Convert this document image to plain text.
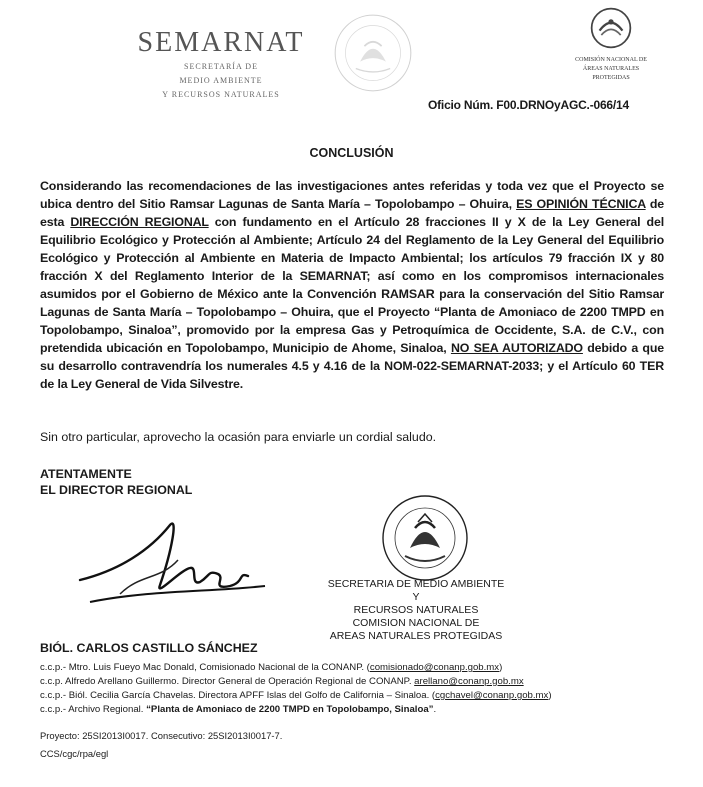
SEMARNAT
SECRETARÍA DE
MEDIO AMBIENTE
Y RECURSOS NATURALES
COMISIÓN NACIONAL DE
ÁREAS NATURALES
PROTEGIDAS
Oficio Núm. F00.DRNOyAGC.-066/14
CONCLUSIÓN
Considerando las recomendaciones de las investigaciones antes referidas y toda vez que el Proyecto se ubica dentro del Sitio Ramsar Lagunas de Santa María – Topolobampo – Ohuira, ES OPINIÓN TÉCNICA de esta DIRECCIÓN REGIONAL con fundamento en el Artículo 28 fracciones II y X de la Ley General del Equilibrio Ecológico y Protección al Ambiente; Artículo 24 del Reglamento de la Ley General del Equilibrio Ecológico y Protección al Ambiente en Materia de Impacto Ambiental; los artículos 79 fracción IX y 80 fracción X del Reglamento Interior de la SEMARNAT; así como en los compromisos internacionales asumidos por el Gobierno de México ante la Convención RAMSAR para la conservación del Sitio Ramsar Lagunas de Santa María – Topolobampo – Ohuira, que el Proyecto “Planta de Amoniaco de 2200 TMPD en Topolobampo, Sinaloa”, promovido por la empresa Gas y Petroquímica de Occidente, S.A. de C.V., con pretendida ubicación en Topolobampo, Municipio de Ahome, Sinaloa, NO SEA AUTORIZADO debido a que su desarrollo contravendría los numerales 4.5 y 4.16 de la NOM-022-SEMARNAT-2033; y el Artículo 60 TER de la Ley General de Vida Silvestre.
Sin otro particular, aprovecho la ocasión para enviarle un cordial saludo.
ATENTAMENTE
EL DIRECTOR REGIONAL
SECRETARIA DE MEDIO AMBIENTE Y
RECURSOS NATURALES
COMISION NACIONAL DE
AREAS NATURALES PROTEGIDAS
BIÓL. CARLOS CASTILLO SÁNCHEZ
c.c.p.- Mtro. Luis Fueyo Mac Donald, Comisionado Nacional de la CONANP. (comisionado@conanp.gob.mx)
c.c.p. Alfredo Arellano Guillermo. Director General de Operación Regional de CONANP. arellano@conanp.gob.mx
c.c.p.- Biól. Cecilia García Chavelas. Directora APFF Islas del Golfo de California – Sinaloa. (cgchavel@conanp.gob.mx)
c.c.p.- Archivo Regional. “Planta de Amoniaco de 2200 TMPD en Topolobampo, Sinaloa”.
Proyecto: 25SI2013I0017. Consecutivo: 25SI2013I0017-7.
CCS/cgc/rpa/egl
